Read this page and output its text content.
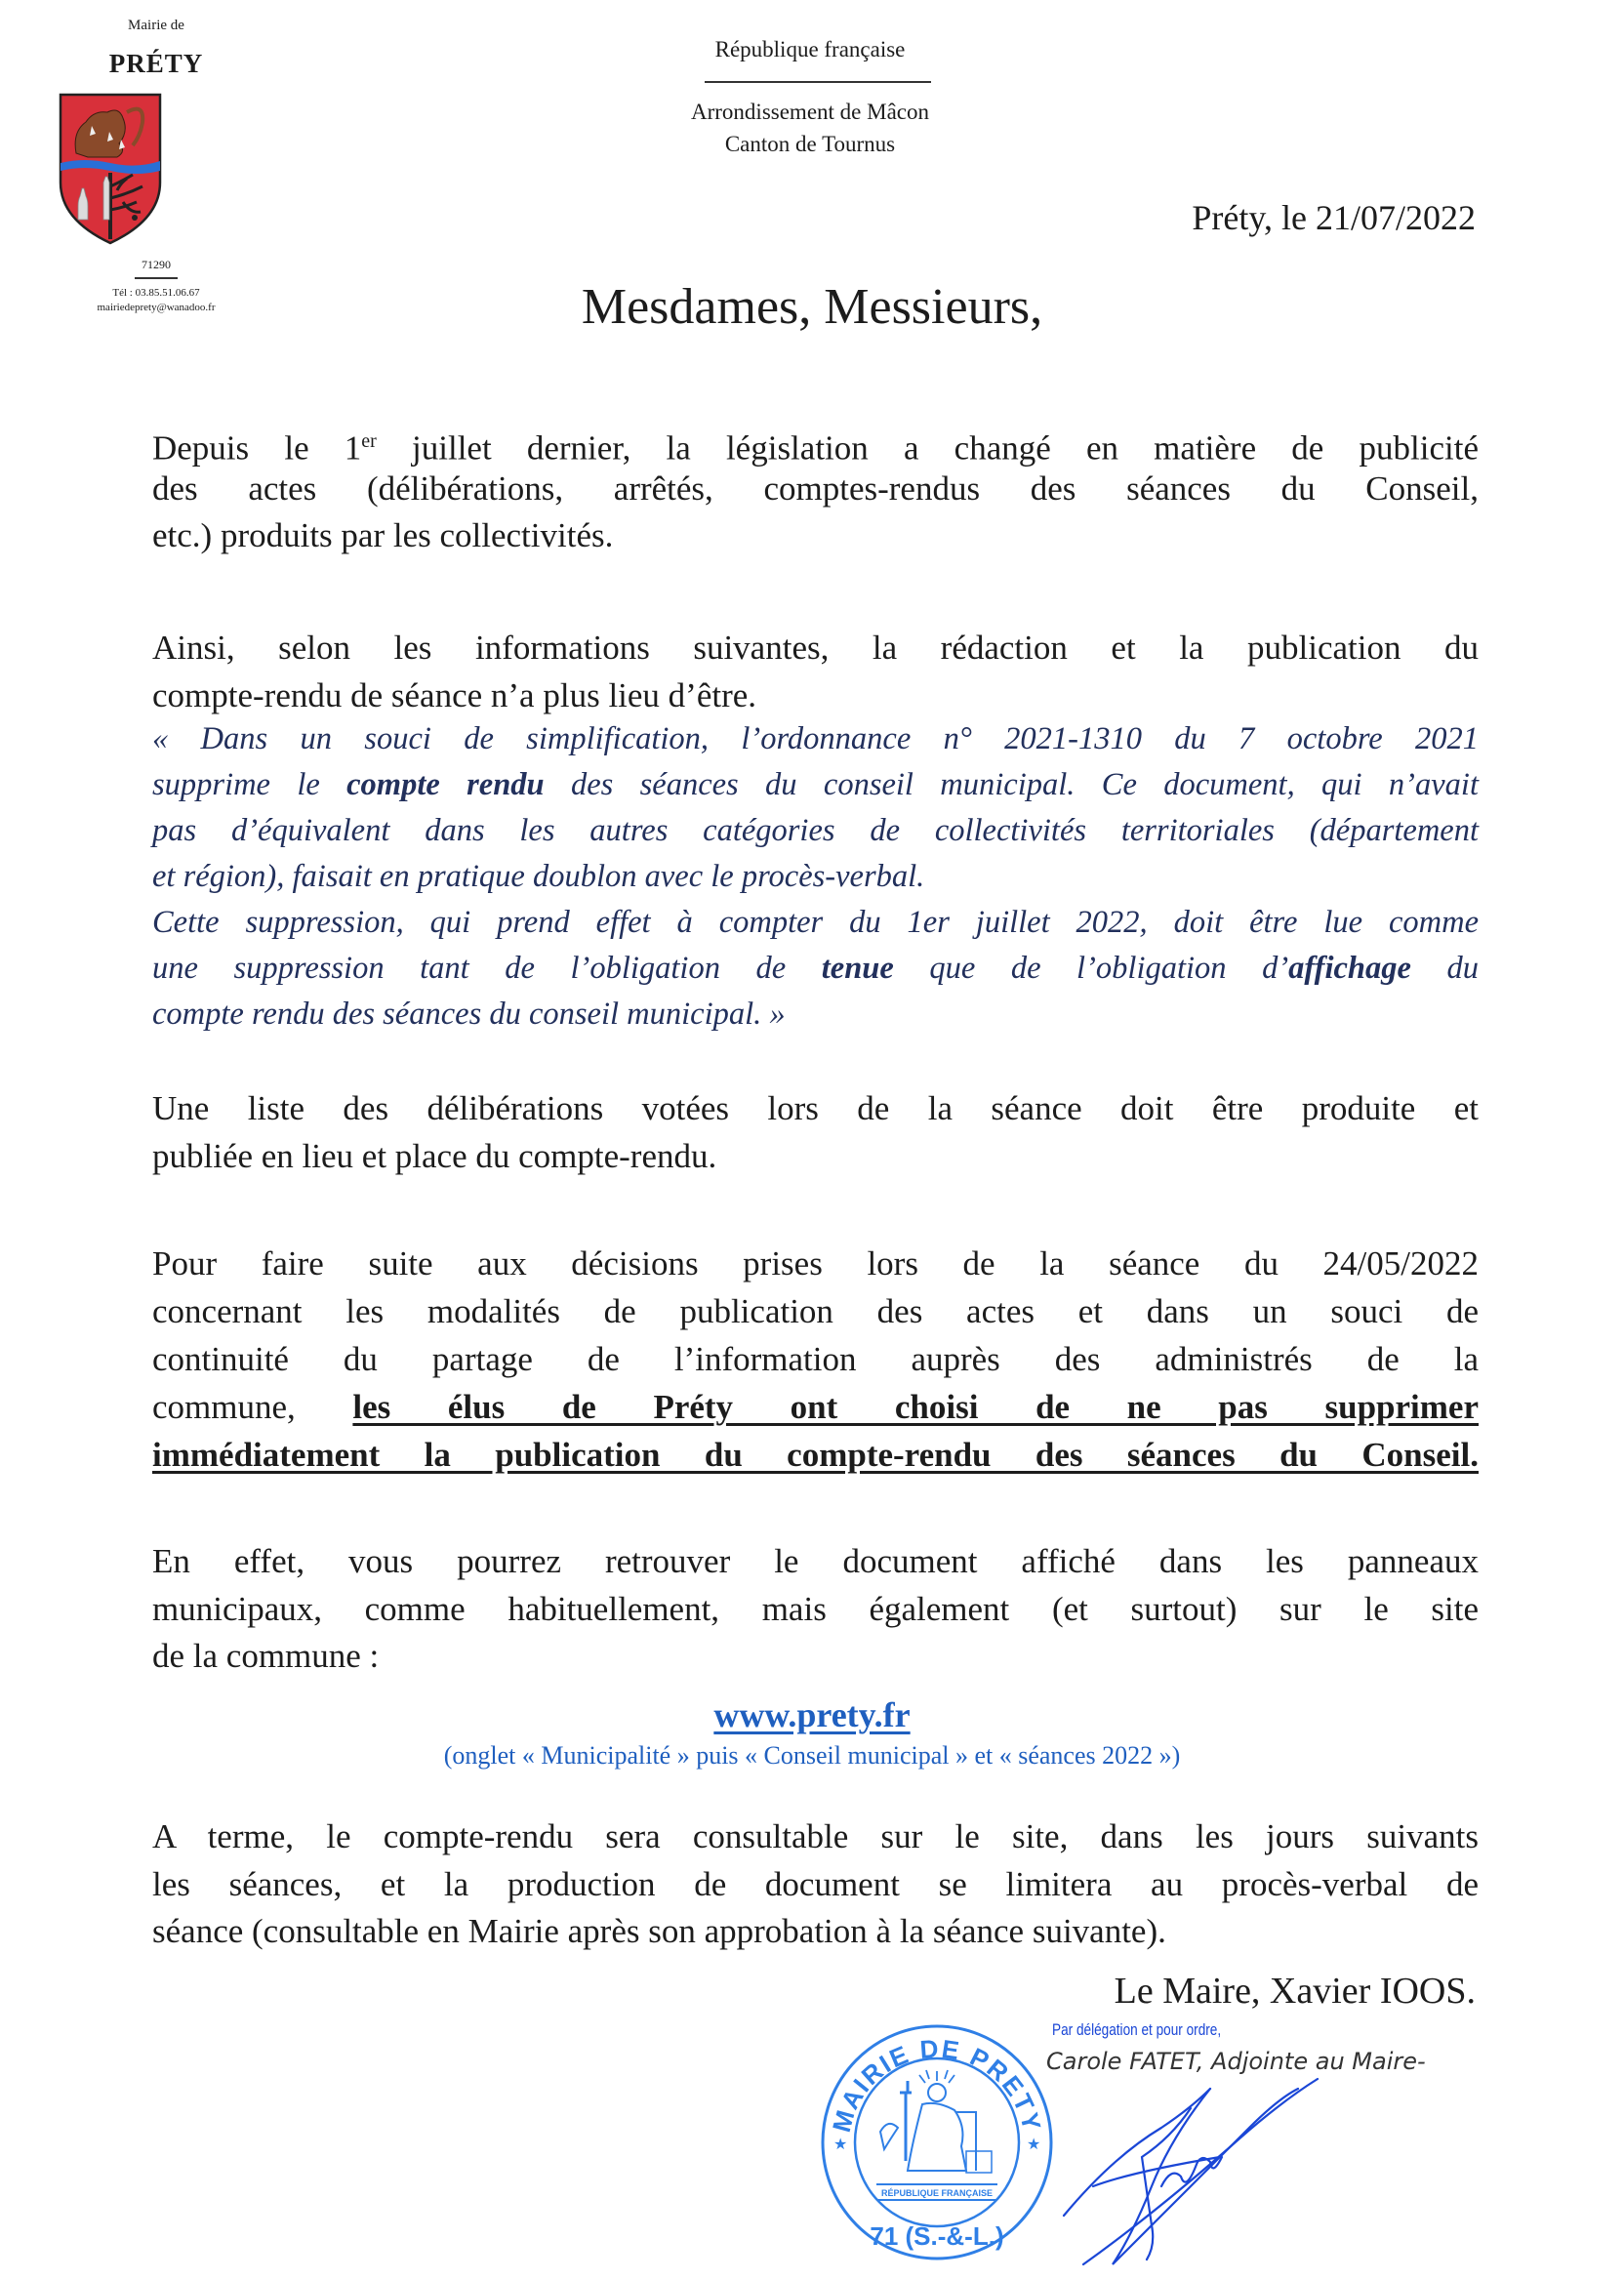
Mairie de
PRÉTY
71290
Tél : 03.85.51.06.67
mairiedeprety@wanadoo.fr
République française
Arrondissement de Mâcon
Canton de Tournus
Préty, le 21/07/2022
Mesdames, Messieurs,
Depuis le 1er juillet dernier, la législation a changé en matière de publicité
des actes (délibérations, arrêtés, comptes-rendus des séances du Conseil,
etc.) produits par les collectivités.
Ainsi, selon les informations suivantes, la rédaction et la publication du
compte-rendu de séance n’a plus lieu d’être.
« Dans un souci de simplification, l’ordonnance n° 2021-1310 du 7 octobre 2021
supprime le compte rendu des séances du conseil municipal. Ce document, qui n’avait
pas d’équivalent dans les autres catégories de collectivités territoriales (département
et région), faisait en pratique doublon avec le procès-verbal.
Cette suppression, qui prend effet à compter du 1er juillet 2022, doit être lue comme
une suppression tant de l’obligation de tenue que de l’obligation d’affichage du
compte rendu des séances du conseil municipal. »
Une liste des délibérations votées lors de la séance doit être produite et
publiée en lieu et place du compte-rendu.
Pour faire suite aux décisions prises lors de la séance du 24/05/2022
concernant les modalités de publication des actes et dans un souci de
continuité du partage de l’information auprès des administrés de la
commune, les élus de Préty ont choisi de ne pas supprimer
immédiatement la publication du compte-rendu des séances du Conseil.
En effet, vous pourrez retrouver le document affiché dans les panneaux
municipaux, comme habituellement, mais également (et surtout) sur le site
de la commune :
www.prety.fr
(onglet « Municipalité » puis « Conseil municipal » et « séances 2022 »)
A terme, le compte-rendu sera consultable sur le site, dans les jours suivants
les séances, et la production de document se limitera au procès-verbal de
séance (consultable en Mairie après son approbation à la séance suivante).
Le Maire, Xavier IOOS.
Par délégation et pour ordre,
Carole FATET, Adjointe au Maire-
MAIRIE DE PRETY
RÉPUBLIQUE FRANÇAISE
71 (S.-&-L.)
★	★
